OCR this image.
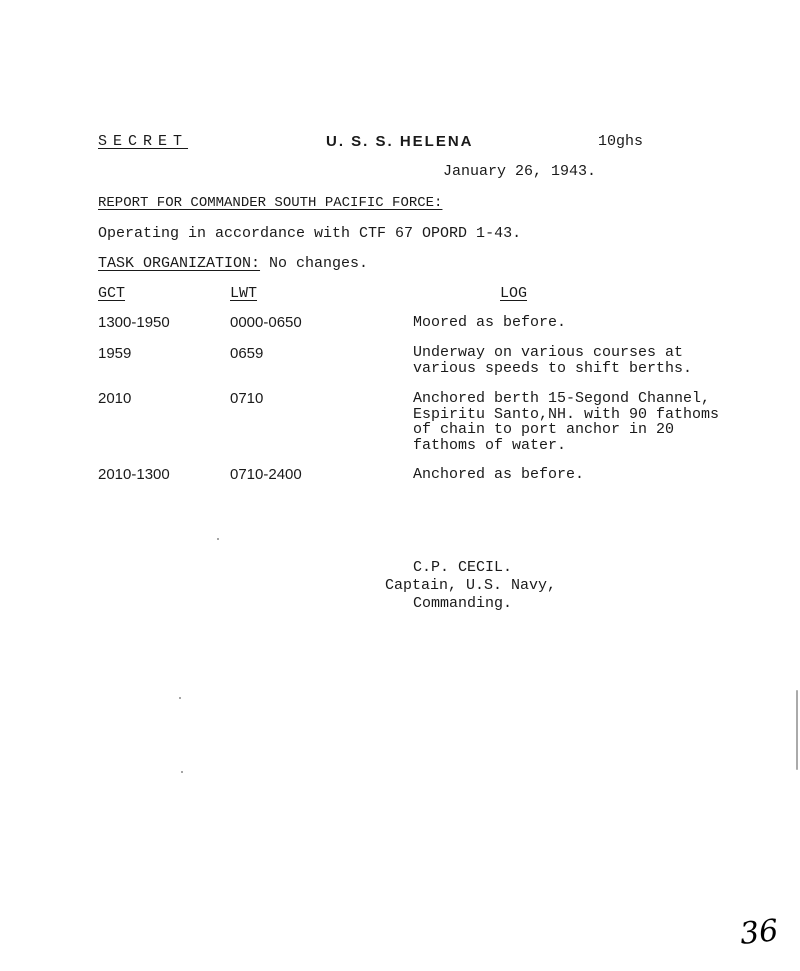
SECRET	U. S. S. HELENA	10ghs
January 26, 1943.
REPORT FOR COMMANDER SOUTH PACIFIC FORCE:
Operating in accordance with CTF 67 OPORD 1-43.
TASK ORGANIZATION: No changes.
GCT	LWT	LOG
1300-1950	0000-0650	Moored as before.
1959	0659	Underway on various courses at
various speeds to shift berths.
2010	0710	Anchored berth 15-Segond Channel,
Espiritu Santo,NH. with 90 fathoms
of chain to port anchor in 20
fathoms of water.
2010-1300	0710-2400	Anchored as before.
C.P. CECIL.
Captain, U.S. Navy,
Commanding.
36
